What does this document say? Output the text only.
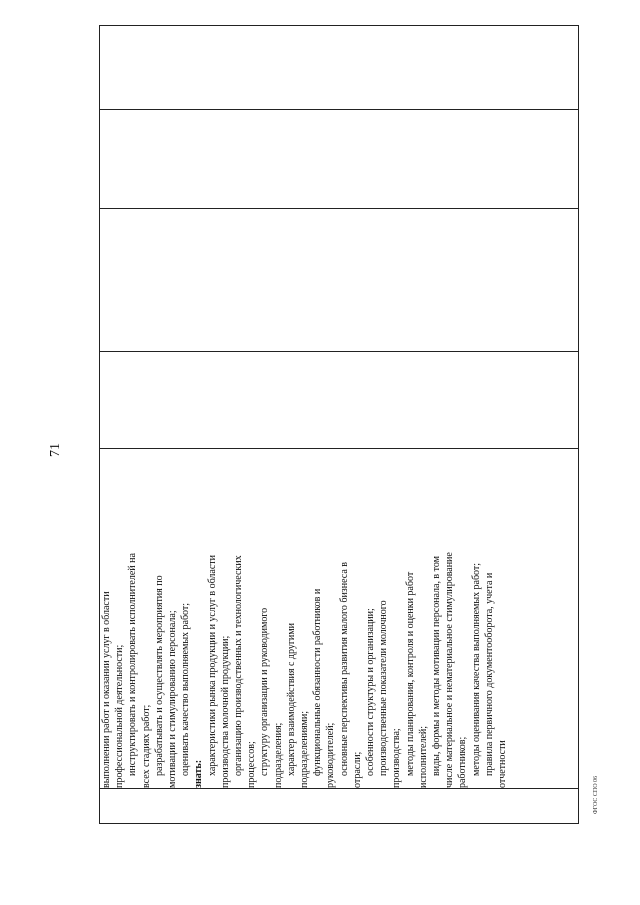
71

выполнении работ и оказании услуг в области профессиональной деятельности; инструктировать и контролировать исполнителей на всех стадиях работ; разрабатывать и осуществлять мероприятия по мотивации и стимулированию персонала; оценивать качество выполняемых работ; знать: характеристики рынка продукции и услуг в области производства молочной продукции; организацию производственных и технологических процессов; структуру организации и руководимого подразделения; характер взаимодействия с другими подразделениями; функциональные обязанности работников и руководителей; основные перспективы развития малого бизнеса в отрасли; особенности структуры и организации; производственные показатели молочного производства; методы планирования, контроля и оценки работ исполнителей; виды, формы и методы мотивации персонала, в том числе материальное и нематериальное стимулирование работников; методы оценивания качества выполняемых работ; правила первичного документооборота, учета и отчетности

ФГОС СПО 06
